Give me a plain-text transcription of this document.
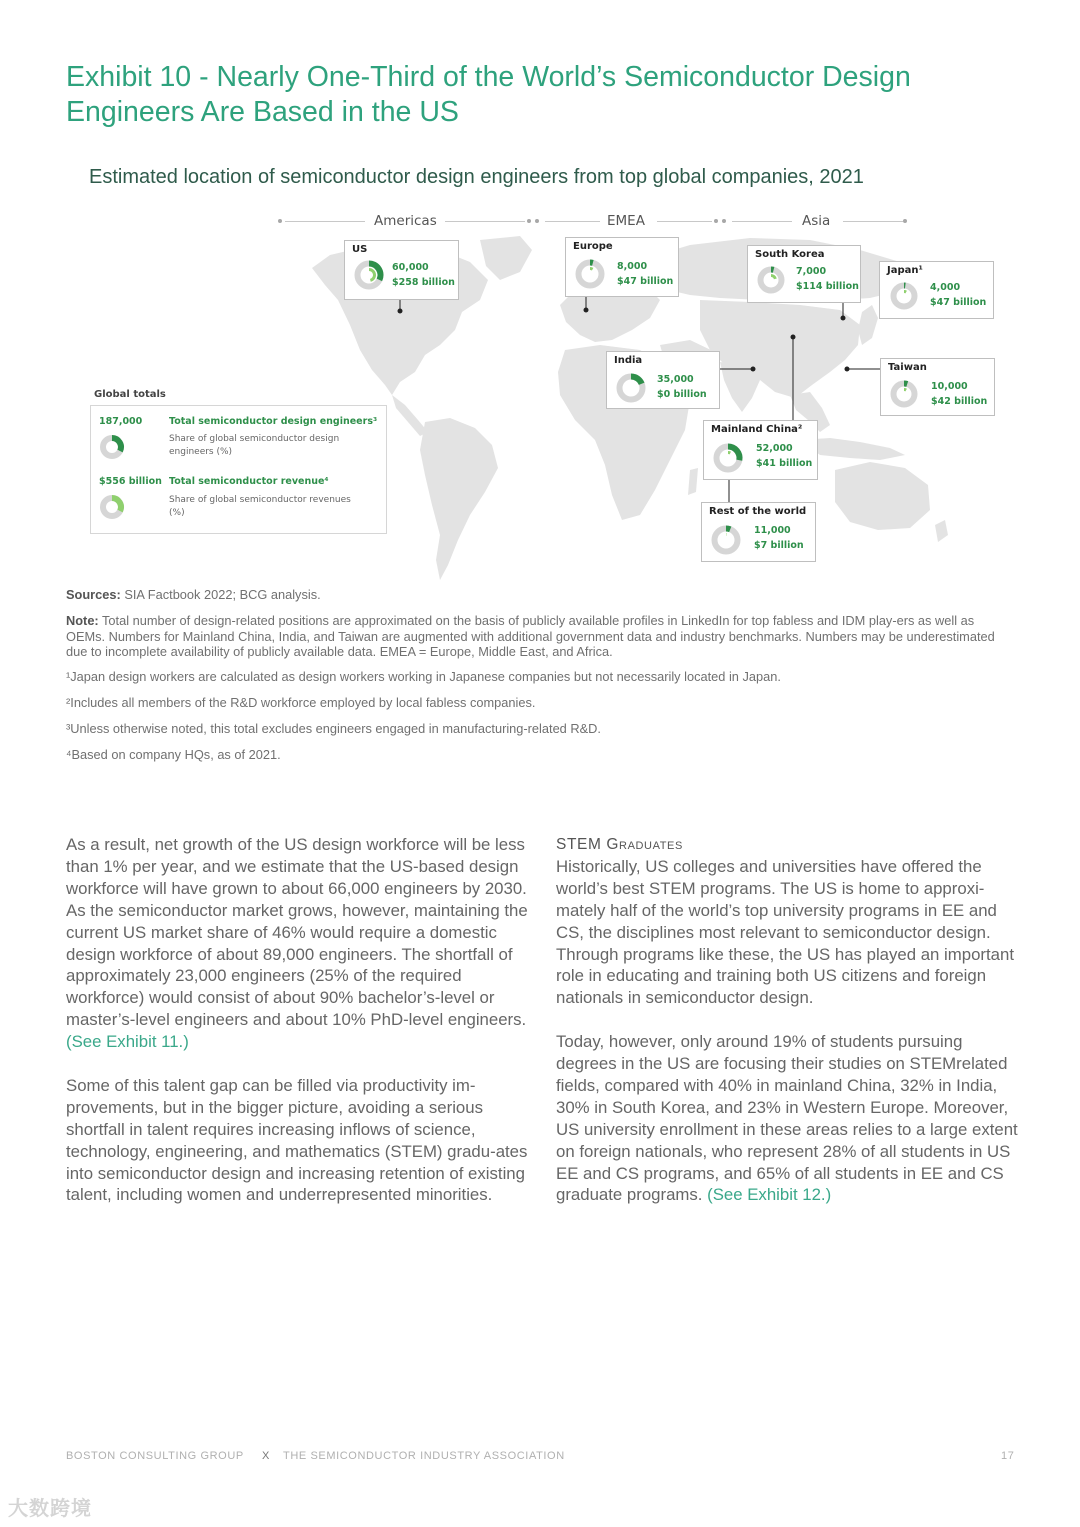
Exhibit 10 - Nearly One-Third of the World’s Semiconductor Design Engineers Are Based in the US
Estimated location of semiconductor design engineers from top global companies, 2021
Americas	EMEA	Asia
US
60,000
$258 billion
Europe
8,000
$47 billion
South Korea
7,000
$114 billion
Japan¹
4,000
$47 billion
India
35,000
$0 billion
Taiwan
10,000
$42 billion
Mainland China²
52,000
$41 billion
Rest of the world
11,000
$7 billion
Global totals
187,000	Total semiconductor design engineers³
Share of global semiconductor design engineers (%)
$556 billion Total semiconductor revenue⁴
Share of global semiconductor revenues (%)
Sources: SIA Factbook 2022; BCG analysis.
Note: Total number of design-related positions are approximated on the basis of publicly available profiles in LinkedIn for top fabless and IDM play-ers as well as OEMs. Numbers for Mainland China, India, and Taiwan are augmented with additional government data and industry benchmarks. Numbers may be underestimated due to incomplete availability of publicly available data. EMEA = Europe, Middle East, and Africa.
¹Japan design workers are calculated as design workers working in Japanese companies but not necessarily located in Japan.
²Includes all members of the R&D workforce employed by local fabless companies.
³Unless otherwise noted, this total excludes engineers engaged in manufacturing-related R&D.
⁴Based on company HQs, as of 2021.

As a result, net growth of the US design workforce will be less than 1% per year, and we estimate that the US-based design workforce will have grown to about 66,000 engineers by 2030. As the semiconductor market grows, however, maintaining the current US market share of 46% would require a domestic design workforce of about 89,000 engineers. The shortfall of approximately 23,000 engineers (25% of the required workforce) would consist of about 90% bachelor’s-level or master’s-level engineers and about 10% PhD-level engineers. (See Exhibit 11.)

Some of this talent gap can be filled via productivity im-provements, but in the bigger picture, avoiding a serious shortfall in talent requires increasing inflows of science, technology, engineering, and mathematics (STEM) gradu-ates into semiconductor design and increasing retention of existing talent, including women and underrepresented minorities.

STEM Graduates

Historically, US colleges and universities have offered the world’s best STEM programs. The US is home to approxi-mately half of the world’s top university programs in EE and CS, the disciplines most relevant to semiconductor design. Through programs like these, the US has played an important role in educating and training both US citizens and foreign nationals in semiconductor design.

Today, however, only around 19% of students pursuing degrees in the US are focusing their studies on STEMrelated fields, compared with 40% in mainland China, 32% in India, 30% in South Korea, and 23% in Western Europe. Moreover, US university enrollment in these areas relies to a large extent on foreign nationals, who represent 28% of all students in US EE and CS programs, and 65% of all students in EE and CS graduate programs. (See Exhibit 12.)

BOSTON CONSULTING GROUP X THE SEMICONDUCTOR INDUSTRY ASSOCIATION	17
大数跨境
